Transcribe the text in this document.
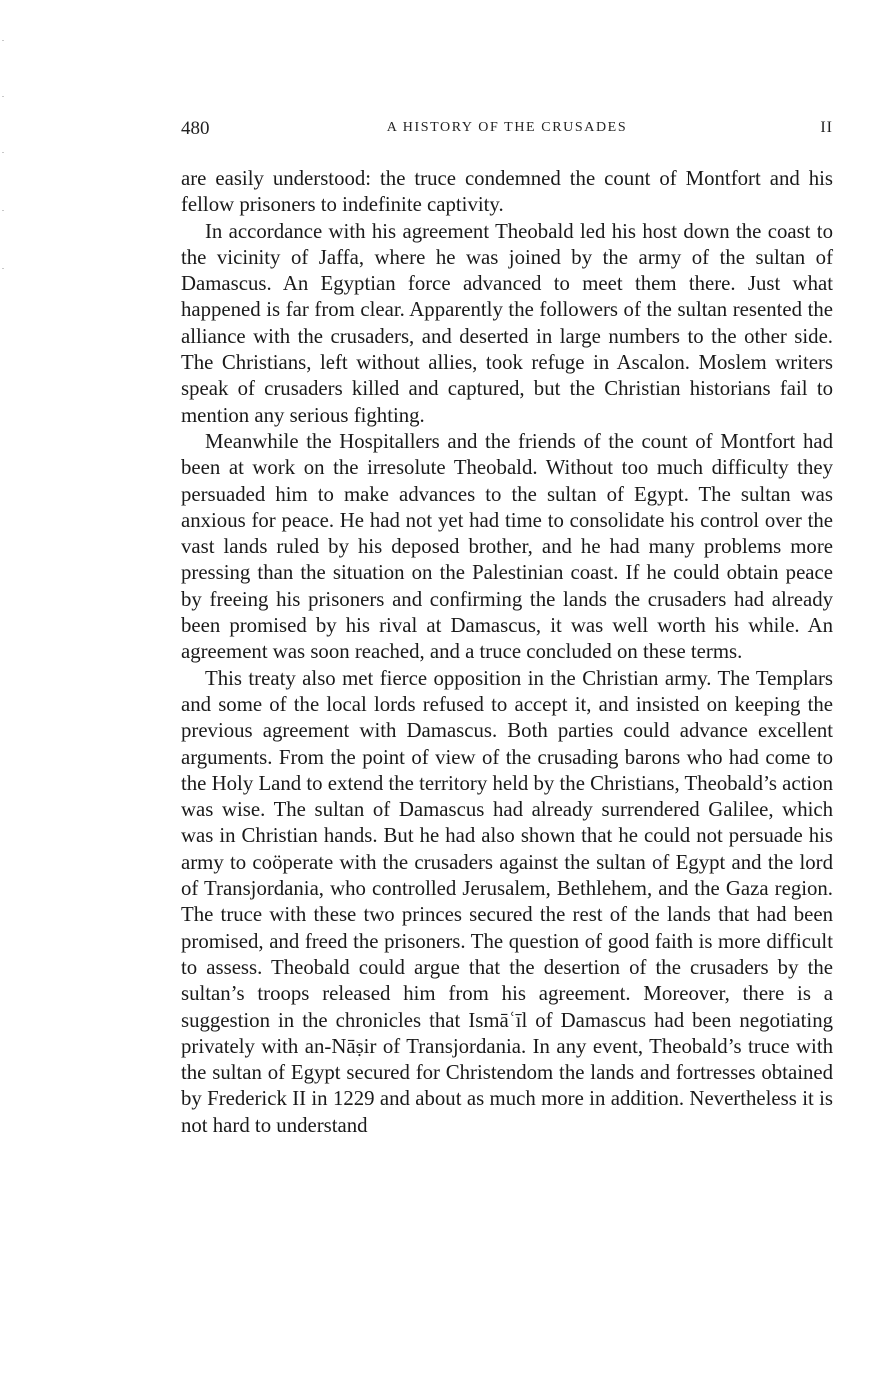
480	A HISTORY OF THE CRUSADES	II

are easily understood: the truce condemned the count of Montfort and his fellow prisoners to indefinite captivity.

In accordance with his agreement Theobald led his host down the coast to the vicinity of Jaffa, where he was joined by the army of the sultan of Damascus. An Egyptian force advanced to meet them there. Just what happened is far from clear. Apparently the followers of the sultan resented the alliance with the crusaders, and deserted in large numbers to the other side. The Christians, left without allies, took refuge in Ascalon. Moslem writers speak of crusaders killed and captured, but the Christian historians fail to mention any serious fighting.

Meanwhile the Hospitallers and the friends of the count of Montfort had been at work on the irresolute Theobald. Without too much difficulty they persuaded him to make advances to the sultan of Egypt. The sultan was anxious for peace. He had not yet had time to consolidate his control over the vast lands ruled by his deposed brother, and he had many problems more pressing than the situation on the Palestinian coast. If he could obtain peace by freeing his prisoners and confirming the lands the crusaders had already been promised by his rival at Damascus, it was well worth his while. An agreement was soon reached, and a truce concluded on these terms.

This treaty also met fierce opposition in the Christian army. The Templars and some of the local lords refused to accept it, and insisted on keeping the previous agreement with Damascus. Both parties could advance excellent arguments. From the point of view of the crusading barons who had come to the Holy Land to extend the territory held by the Christians, Theobald’s action was wise. The sultan of Damascus had already surrendered Galilee, which was in Christian hands. But he had also shown that he could not persuade his army to coöperate with the crusaders against the sultan of Egypt and the lord of Transjordania, who controlled Jerusalem, Bethlehem, and the Gaza region. The truce with these two princes secured the rest of the lands that had been promised, and freed the prisoners. The question of good faith is more difficult to assess. Theobald could argue that the desertion of the crusaders by the sultan’s troops released him from his agreement. Moreover, there is a suggestion in the chronicles that Ismāʿīl of Damascus had been negotiating privately with an-Nāṣir of Transjordania. In any event, Theobald’s truce with the sultan of Egypt secured for Christendom the lands and fortresses obtained by Frederick II in 1229 and about as much more in addition. Nevertheless it is not hard to understand
